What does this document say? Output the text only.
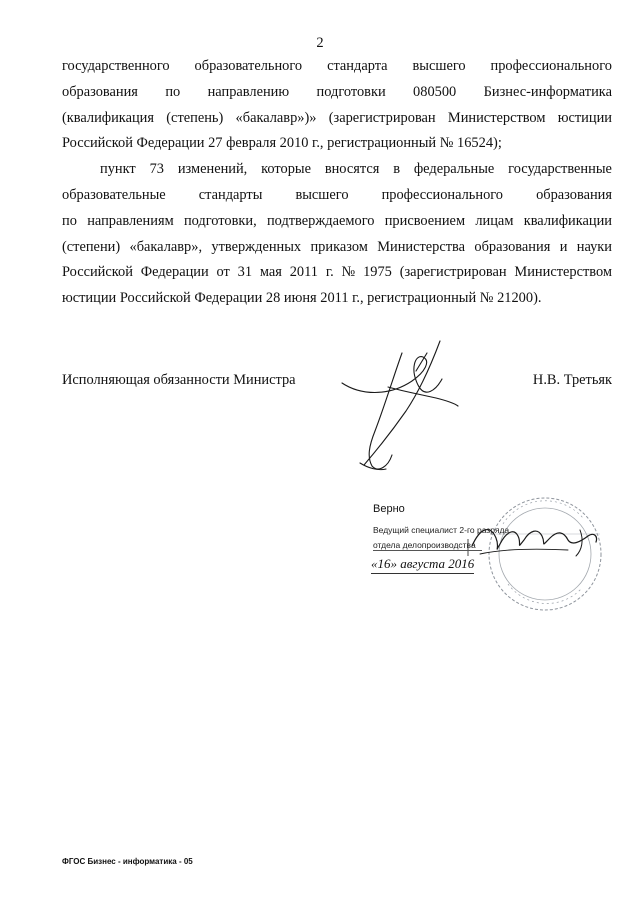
2
государственного образовательного стандарта высшего профессионального
образования по направлению подготовки 080500 Бизнес-информатика
(квалификация (степень) «бакалавр»)» (зарегистрирован Министерством юстиции
Российской Федерации 27 февраля 2010 г., регистрационный № 16524);
пункт 73 изменений, которые вносятся в федеральные государственные
образовательные стандарты высшего профессионального образования
по направлениям подготовки, подтверждаемого присвоением лицам квалификации
(степени) «бакалавр», утвержденных приказом Министерства образования и науки
Российской Федерации от 31 мая 2011 г. № 1975 (зарегистрирован Министерством
юстиции Российской Федерации 28 июня 2011 г., регистрационный № 21200).
Исполняющая обязанности Министра	Н.В. Третьяк
Верно
Ведущий специалист 2-го разряда
отдела делопроизводства
«16» августа 2016
ФГОС Бизнес - информатика - 05
